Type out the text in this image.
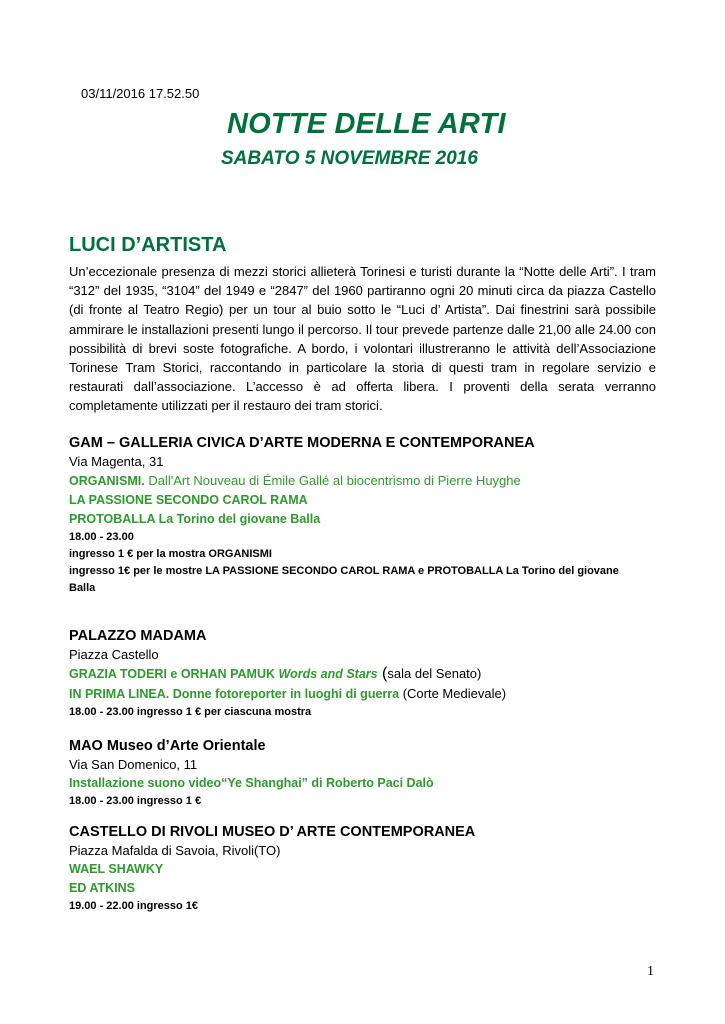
03/11/2016 17.52.50
NOTTE DELLE ARTI
SABATO 5 NOVEMBRE 2016
LUCI D’ARTISTA
Un’eccezionale presenza di mezzi storici allieterà Torinesi e turisti durante la “Notte delle Arti”. I tram “312” del 1935, “3104” del 1949 e “2847” del 1960 partiranno ogni 20 minuti circa da piazza Castello (di fronte al Teatro Regio) per un tour al buio sotto le “Luci d’ Artista”. Dai finestrini sarà possibile ammirare le installazioni presenti lungo il percorso. Il tour prevede partenze dalle 21,00 alle 24.00 con possibilità di brevi soste fotografiche. A bordo, i volontari illustreranno le attività dell’Associazione Torinese Tram Storici, raccontando in particolare la storia di questi tram in regolare servizio e restaurati dall’associazione. L’accesso è ad offerta libera. I proventi della serata verranno completamente utilizzati per il restauro dei tram storici.
GAM – GALLERIA CIVICA D’ARTE MODERNA E CONTEMPORANEA
Via Magenta, 31
ORGANISMI. Dall'Art Nouveau di Émile Gallé al biocentrismo di Pierre Huyghe
LA PASSIONE SECONDO CAROL RAMA
PROTOBALLA La Torino del giovane Balla
18.00 - 23.00
ingresso 1 € per la mostra ORGANISMI
ingresso 1€ per le mostre LA PASSIONE SECONDO CAROL RAMA e PROTOBALLA La Torino del giovane Balla
PALAZZO MADAMA
Piazza Castello
GRAZIA TODERI e ORHAN PAMUK Words and Stars (sala del Senato)
IN PRIMA LINEA. Donne fotoreporter in luoghi di guerra (Corte Medievale)
18.00 - 23.00 ingresso 1 € per ciascuna mostra
MAO Museo d’Arte Orientale
Via San Domenico, 11
Installazione suono video“Ye Shanghai” di Roberto Paci Dalò
18.00 - 23.00 ingresso 1 €
CASTELLO DI RIVOLI MUSEO D’ ARTE CONTEMPORANEA
Piazza Mafalda di Savoia, Rivoli(TO)
WAEL SHAWKY
ED ATKINS
19.00 - 22.00 ingresso 1€
1
